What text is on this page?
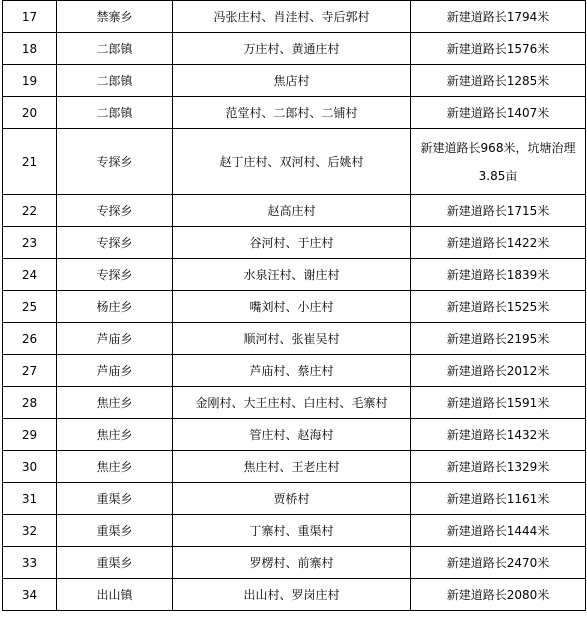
17	禁寨乡	冯张庄村、肖洼村、寺后郭村	新建道路长1794米
18	二郎镇	万庄村、黄通庄村	新建道路长1576米
19	二郎镇	焦店村	新建道路长1285米
20	二郎镇	范堂村、二郎村、二铺村	新建道路长1407米
21	专探乡	赵丁庄村、双河村、后姚村	新建道路长968米，坑塘治理3.85亩
22	专探乡	赵高庄村	新建道路长1715米
23	专探乡	谷河村、于庄村	新建道路长1422米
24	专探乡	水泉汪村、谢庄村	新建道路长1839米
25	杨庄乡	嘴刘村、小庄村	新建道路长1525米
26	芦庙乡	顺河村、张崔吴村	新建道路长2195米
27	芦庙乡	芦庙村、蔡庄村	新建道路长2012米
28	焦庄乡	金刚村、大王庄村、白庄村、毛寨村	新建道路长1591米
29	焦庄乡	管庄村、赵海村	新建道路长1432米
30	焦庄乡	焦庄村、王老庄村	新建道路长1329米
31	重渠乡	贾桥村	新建道路长1161米
32	重渠乡	丁寨村、重渠村	新建道路长1444米
33	重渠乡	罗楞村、前寨村	新建道路长2470米
34	出山镇	出山村、罗岗庄村	新建道路长2080米
